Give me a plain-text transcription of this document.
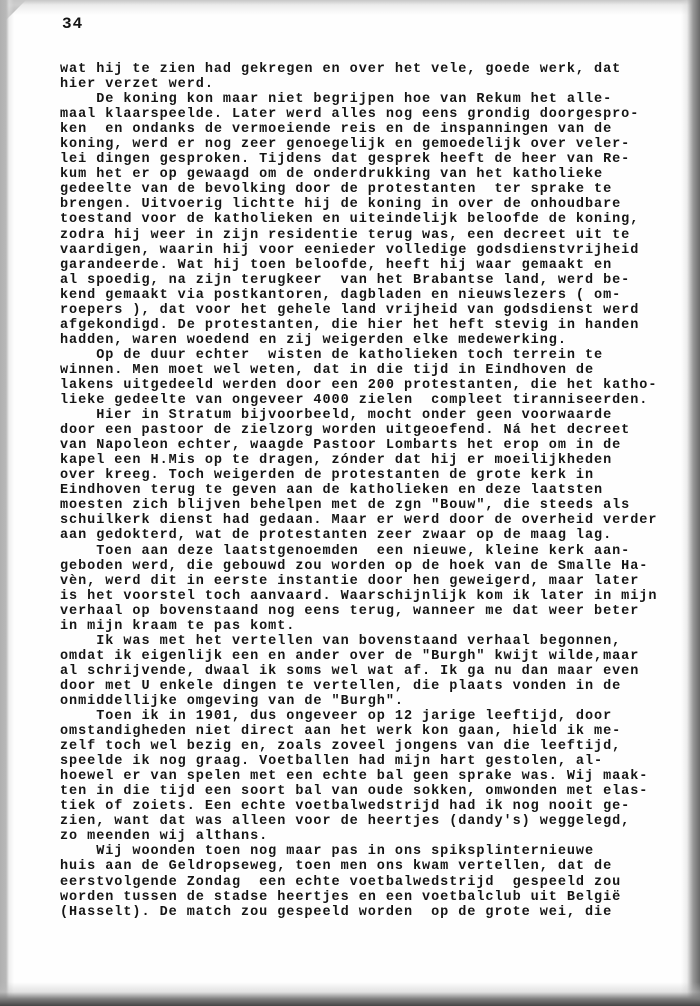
34
wat hij te zien had gekregen en over het vele, goede werk, dat
hier verzet werd.
De koning kon maar niet begrijpen hoe van Rekum het alle-
maal klaarspeelde. Later werd alles nog eens grondig doorgespro-
ken  en ondanks de vermoeiende reis en de inspanningen van de
koning, werd er nog zeer genoegelijk en gemoedelijk over veler-
lei dingen gesproken. Tijdens dat gesprek heeft de heer van Re-
kum het er op gewaagd om de onderdrukking van het katholieke
gedeelte van de bevolking door de protestanten  ter sprake te
brengen. Uitvoerig lichtte hij de koning in over de onhoudbare
toestand voor de katholieken en uiteindelijk beloofde de koning,
zodra hij weer in zijn residentie terug was, een decreet uit te
vaardigen, waarin hij voor eenieder volledige godsdienstvrijheid
garandeerde. Wat hij toen beloofde, heeft hij waar gemaakt en
al spoedig, na zijn terugkeer  van het Brabantse land, werd be-
kend gemaakt via postkantoren, dagbladen en nieuwslezers ( om-
roepers ), dat voor het gehele land vrijheid van godsdienst werd
afgekondigd. De protestanten, die hier het heft stevig in handen
hadden, waren woedend en zij weigerden elke medewerking.
Op de duur echter  wisten de katholieken toch terrein te
winnen. Men moet wel weten, dat in die tijd in Eindhoven de
lakens uitgedeeld werden door een 200 protestanten, die het katho-
lieke gedeelte van ongeveer 4000 zielen  compleet tiranniseerden.
Hier in Stratum bijvoorbeeld, mocht onder geen voorwaarde
door een pastoor de zielzorg worden uitgeoefend. Ná het decreet
van Napoleon echter, waagde Pastoor Lombarts het erop om in de
kapel een H.Mis op te dragen, zónder dat hij er moeilijkheden
over kreeg. Toch weigerden de protestanten de grote kerk in
Eindhoven terug te geven aan de katholieken en deze laatsten
moesten zich blijven behelpen met de zgn "Bouw", die steeds als
schuilkerk dienst had gedaan. Maar er werd door de overheid verder
aan gedokterd, wat de protestanten zeer zwaar op de maag lag.
Toen aan deze laatstgenoemden  een nieuwe, kleine kerk aan-
geboden werd, die gebouwd zou worden op de hoek van de Smalle Ha-
vèn, werd dit in eerste instantie door hen geweigerd, maar later
is het voorstel toch aanvaard. Waarschijnlijk kom ik later in mijn
verhaal op bovenstaand nog eens terug, wanneer me dat weer beter
in mijn kraam te pas komt.
Ik was met het vertellen van bovenstaand verhaal begonnen,
omdat ik eigenlijk een en ander over de "Burgh" kwijt wilde,maar
al schrijvende, dwaal ik soms wel wat af. Ik ga nu dan maar even
door met U enkele dingen te vertellen, die plaats vonden in de
onmiddellijke omgeving van de "Burgh".
Toen ik in 1901, dus ongeveer op 12 jarige leeftijd, door
omstandigheden niet direct aan het werk kon gaan, hield ik me-
zelf toch wel bezig en, zoals zoveel jongens van die leeftijd,
speelde ik nog graag. Voetballen had mijn hart gestolen, al-
hoewel er van spelen met een echte bal geen sprake was. Wij maak-
ten in die tijd een soort bal van oude sokken, omwonden met elas-
tiek of zoiets. Een echte voetbalwedstrijd had ik nog nooit ge-
zien, want dat was alleen voor de heertjes (dandy's) weggelegd,
zo meenden wij althans.
Wij woonden toen nog maar pas in ons spiksplinternieuwe
huis aan de Geldropseweg, toen men ons kwam vertellen, dat de
eerstvolgende Zondag  een echte voetbalwedstrijd  gespeeld zou
worden tussen de stadse heertjes en een voetbalclub uit België
(Hasselt). De match zou gespeeld worden  op de grote wei, die
